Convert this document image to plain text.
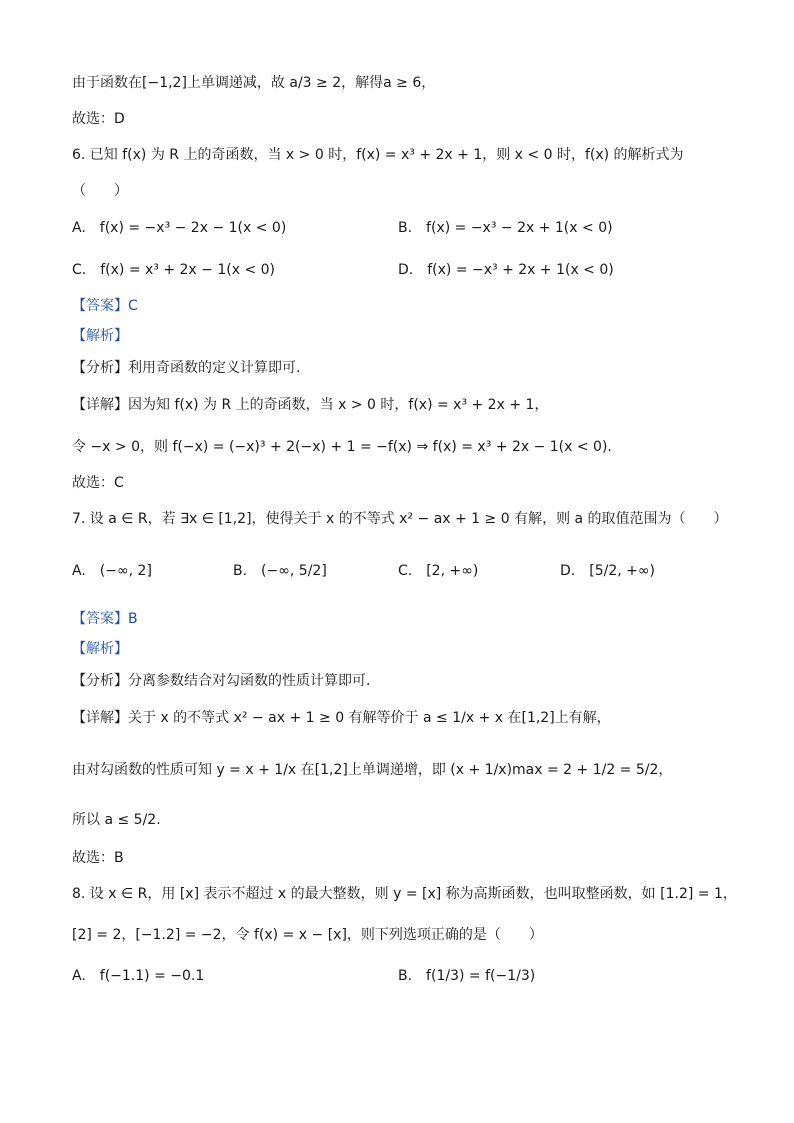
由于函数在[−1,2]上单调递减，故 a/3 ≥ 2，解得a ≥ 6，
故选：D
6. 已知 f(x) 为 R 上的奇函数，当 x > 0 时，f(x) = x³ + 2x + 1，则 x < 0 时，f(x) 的解析式为
（　　）
【答案】C
【解析】
【分析】利用奇函数的定义计算即可.
【详解】因为知 f(x) 为 R 上的奇函数，当 x > 0 时，f(x) = x³ + 2x + 1，
令 −x > 0，则 f(−x) = (−x)³ + 2(−x) + 1 = −f(x) ⇒ f(x) = x³ + 2x − 1(x < 0).
故选：C
7. 设 a ∈ R，若 ∃x ∈ [1,2]，使得关于 x 的不等式 x² − ax + 1 ≥ 0 有解，则 a 的取值范围为（　　）
【答案】B
【解析】
【分析】分离参数结合对勾函数的性质计算即可.
【详解】关于 x 的不等式 x² − ax + 1 ≥ 0 有解等价于 a ≤ 1/x + x 在[1,2]上有解，
由对勾函数的性质可知 y = x + 1/x 在[1,2]上单调递增，即 (x + 1/x)max = 2 + 1/2 = 5/2，
所以 a ≤ 5/2.
故选：B
8. 设 x ∈ R，用 [x] 表示不超过 x 的最大整数，则 y = [x] 称为高斯函数，也叫取整函数，如 [1.2] = 1，
[2] = 2，[−1.2] = −2，令 f(x) = x − [x]，则下列选项正确的是（　　）
A.　f(x) = −x³ − 2x − 1(x < 0)	B.　f(x) = −x³ − 2x + 1(x < 0)
C.　f(x) = x³ + 2x − 1(x < 0)	D.　f(x) = −x³ + 2x + 1(x < 0)
A.　(−∞, 2]	B.　(−∞, 5/2]	C.　[2, +∞)	D.　[5/2, +∞)
A.　f(−1.1) = −0.1	B.　f(1/3) = f(−1/3)
